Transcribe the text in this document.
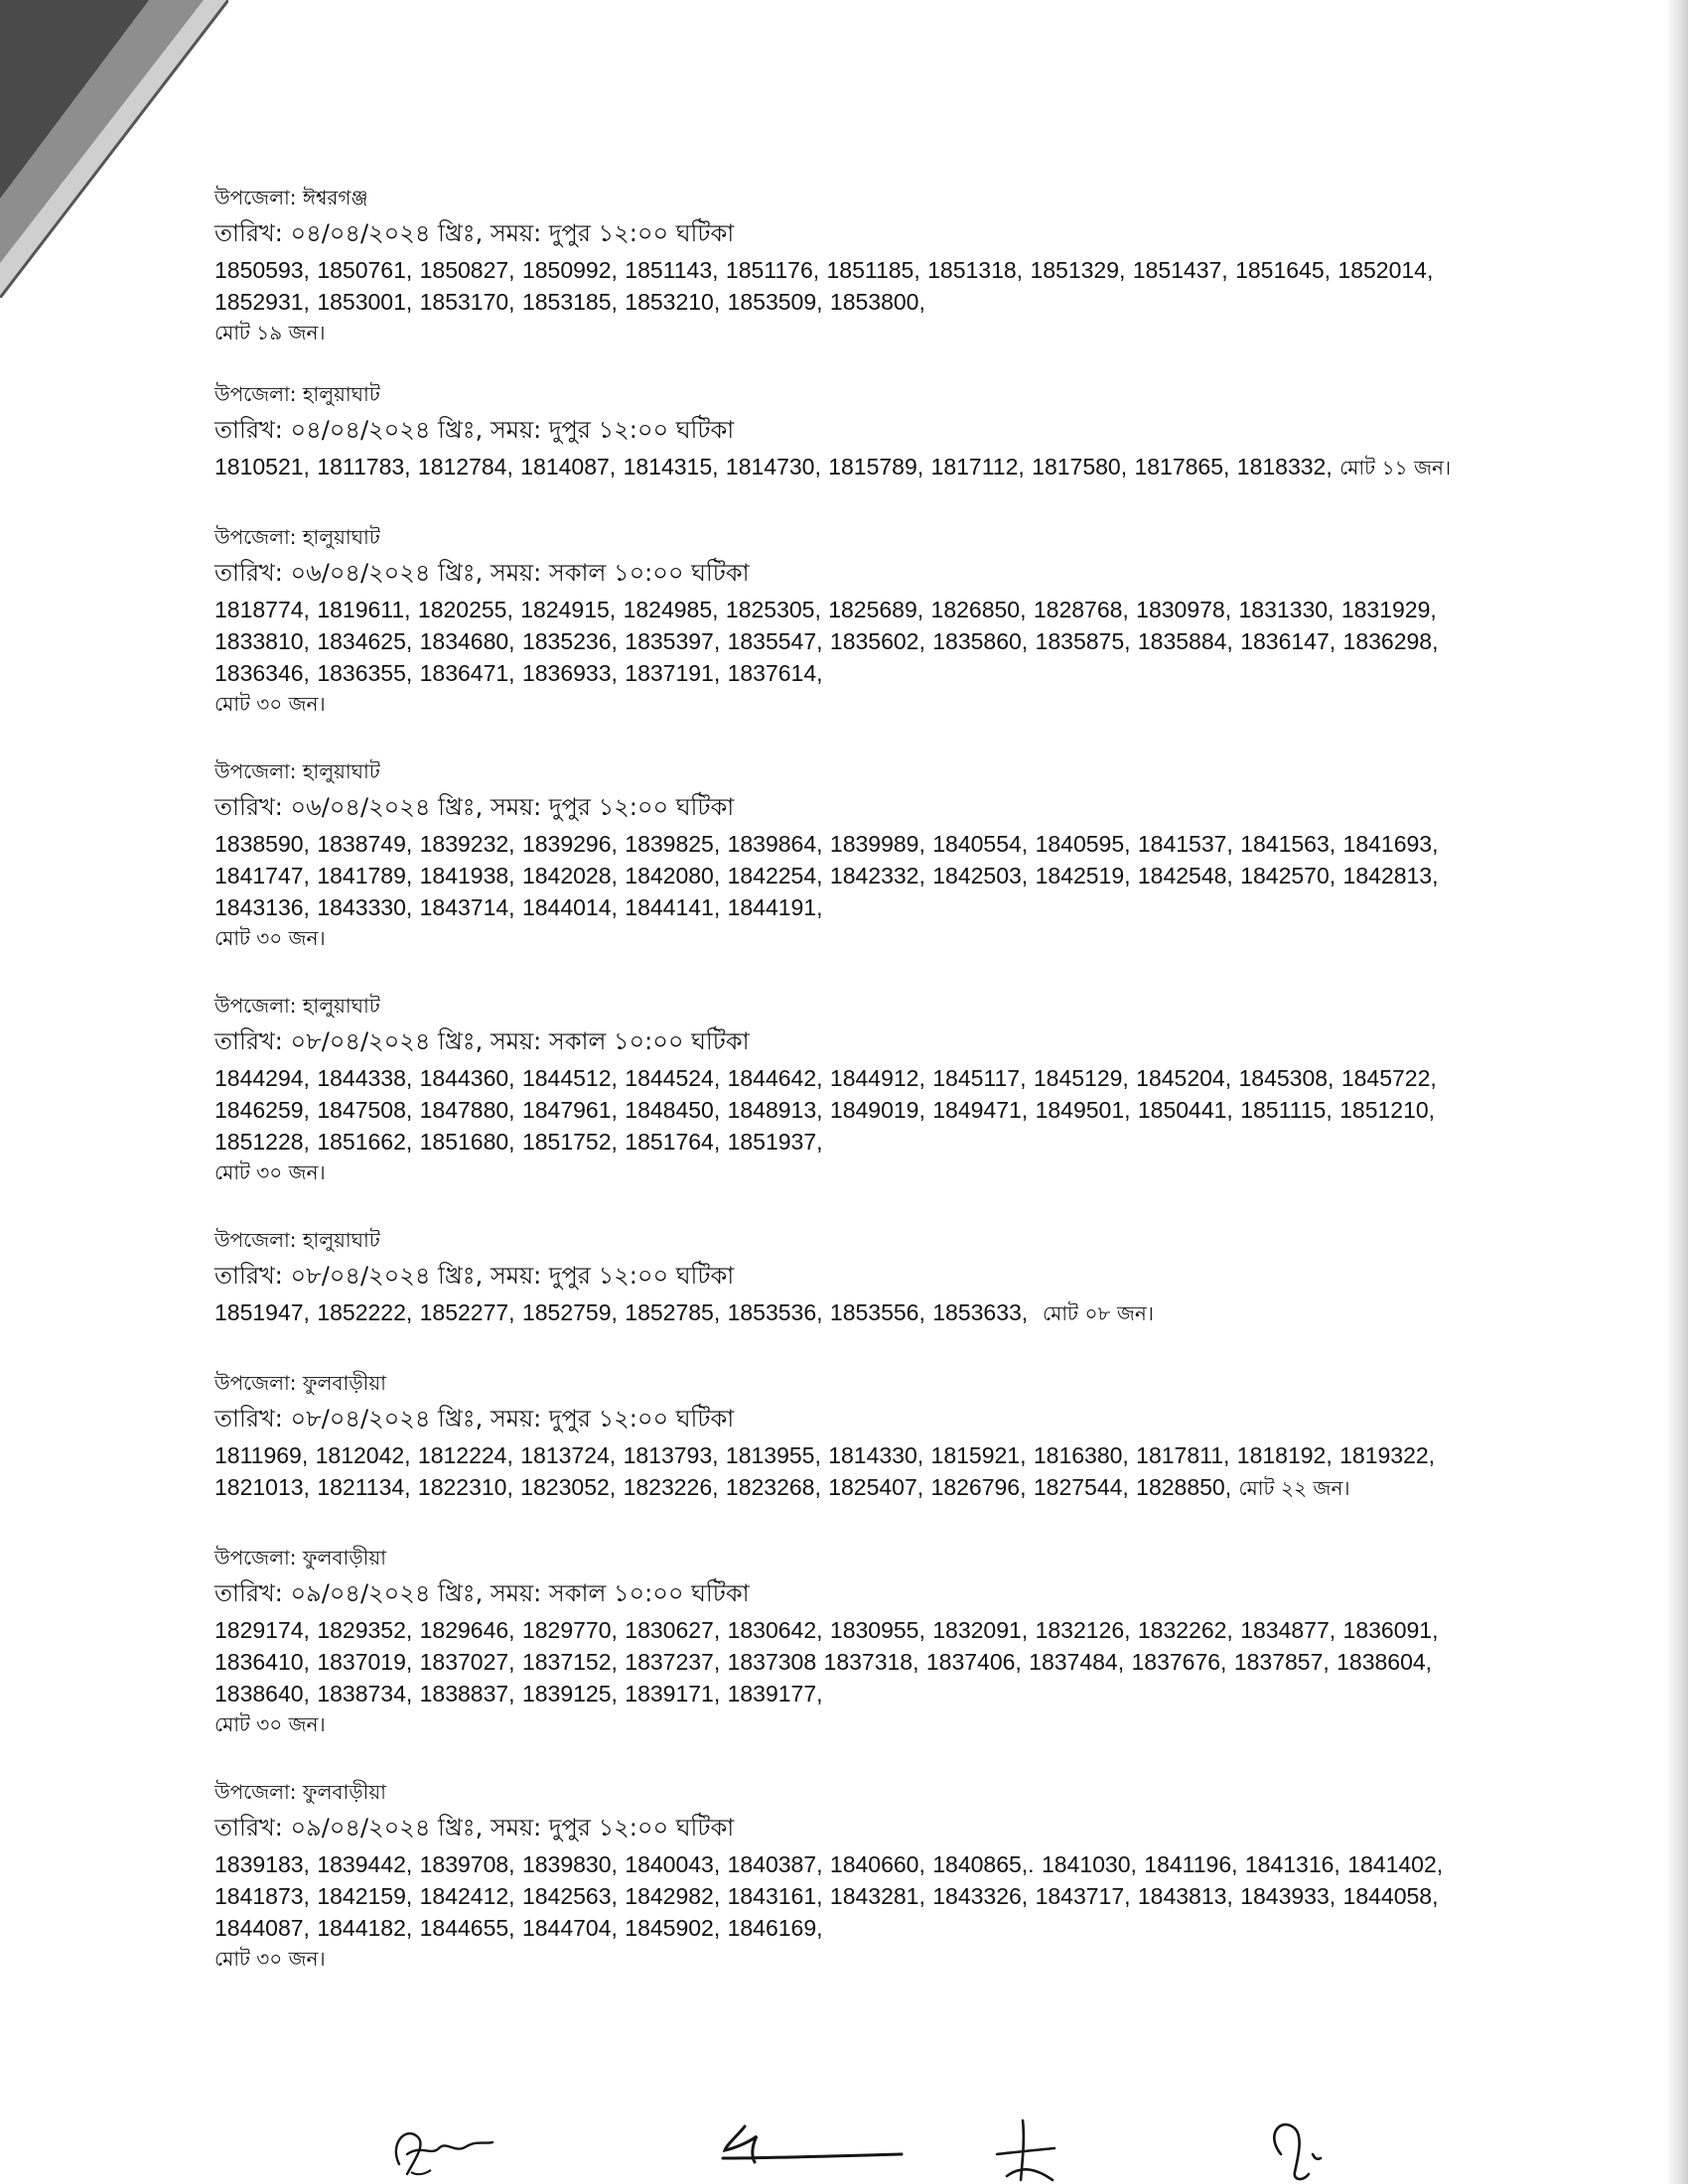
উপজেলা: ঈশ্বরগঞ্জ
তারিখ: ০৪/০৪/২০২৪ খ্রিঃ, সময়: দুপুর ১২:০০ ঘটিকা
1850593, 1850761, 1850827, 1850992, 1851143, 1851176, 1851185, 1851318, 1851329, 1851437, 1851645, 1852014, 1852931, 1853001, 1853170, 1853185, 1853210, 1853509, 1853800,
মোট ১৯ জন।
উপজেলা: হালুয়াঘাট
তারিখ: ০৪/০৪/২০২৪ খ্রিঃ, সময়: দুপুর ১২:০০ ঘটিকা
1810521, 1811783, 1812784, 1814087, 1814315, 1814730, 1815789, 1817112, 1817580, 1817865, 1818332, মোট ১১ জন।
উপজেলা: হালুয়াঘাট
তারিখ: ০৬/০৪/২০২৪ খ্রিঃ, সময়: সকাল ১০:০০ ঘটিকা
1818774, 1819611, 1820255, 1824915, 1824985, 1825305, 1825689, 1826850, 1828768, 1830978, 1831330, 1831929, 1833810, 1834625, 1834680, 1835236, 1835397, 1835547, 1835602, 1835860, 1835875, 1835884, 1836147, 1836298, 1836346, 1836355, 1836471, 1836933, 1837191, 1837614,
মোট ৩০ জন।
উপজেলা: হালুয়াঘাট
তারিখ: ০৬/০৪/২০২৪ খ্রিঃ, সময়: দুপুর ১২:০০ ঘটিকা
1838590, 1838749, 1839232, 1839296, 1839825, 1839864, 1839989, 1840554, 1840595, 1841537, 1841563, 1841693, 1841747, 1841789, 1841938, 1842028, 1842080, 1842254, 1842332, 1842503, 1842519, 1842548, 1842570, 1842813, 1843136, 1843330, 1843714, 1844014, 1844141, 1844191,
মোট ৩০ জন।
উপজেলা: হালুয়াঘাট
তারিখ: ০৮/০৪/২০২৪ খ্রিঃ, সময়: সকাল ১০:০০ ঘটিকা
1844294, 1844338, 1844360, 1844512, 1844524, 1844642, 1844912, 1845117, 1845129, 1845204, 1845308, 1845722, 1846259, 1847508, 1847880, 1847961, 1848450, 1848913, 1849019, 1849471, 1849501, 1850441, 1851115, 1851210, 1851228, 1851662, 1851680, 1851752, 1851764, 1851937,
মোট ৩০ জন।
উপজেলা: হালুয়াঘাট
তারিখ: ০৮/০৪/২০২৪ খ্রিঃ, সময়: দুপুর ১২:০০ ঘটিকা
1851947, 1852222, 1852277, 1852759, 1852785, 1853536, 1853556, 1853633, মোট ০৮ জন।
উপজেলা: ফুলবাড়ীয়া
তারিখ: ০৮/০৪/২০২৪ খ্রিঃ, সময়: দুপুর ১২:০০ ঘটিকা
1811969, 1812042, 1812224, 1813724, 1813793, 1813955, 1814330, 1815921, 1816380, 1817811, 1818192, 1819322, 1821013, 1821134, 1822310, 1823052, 1823226, 1823268, 1825407, 1826796, 1827544, 1828850, মোট ২২ জন।
উপজেলা: ফুলবাড়ীয়া
তারিখ: ০৯/০৪/২০২৪ খ্রিঃ, সময়: সকাল ১০:০০ ঘটিকা
1829174, 1829352, 1829646, 1829770, 1830627, 1830642, 1830955, 1832091, 1832126, 1832262, 1834877, 1836091, 1836410, 1837019, 1837027, 1837152, 1837237, 1837308 1837318, 1837406, 1837484, 1837676, 1837857, 1838604, 1838640, 1838734, 1838837, 1839125, 1839171, 1839177,
মোট ৩০ জন।
উপজেলা: ফুলবাড়ীয়া
তারিখ: ০৯/০৪/২০২৪ খ্রিঃ, সময়: দুপুর ১২:০০ ঘটিকা
1839183, 1839442, 1839708, 1839830, 1840043, 1840387, 1840660, 1840865,. 1841030, 1841196, 1841316, 1841402, 1841873, 1842159, 1842412, 1842563, 1842982, 1843161, 1843281, 1843326, 1843717, 1843813, 1843933, 1844058, 1844087, 1844182, 1844655, 1844704, 1845902, 1846169,
মোট ৩০ জন।
